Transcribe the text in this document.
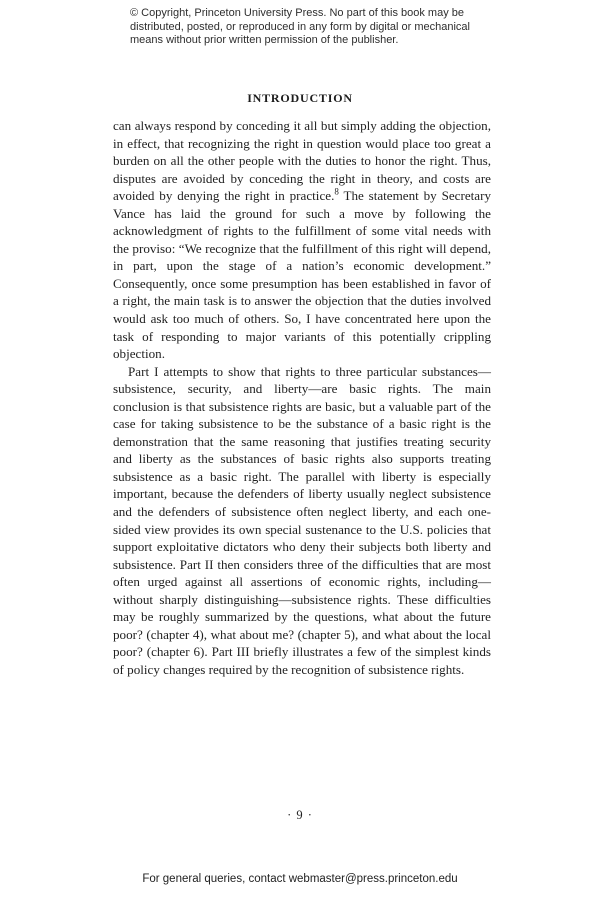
© Copyright, Princeton University Press. No part of this book may be
distributed, posted, or reproduced in any form by digital or mechanical
means without prior written permission of the publisher.
INTRODUCTION

can always respond by conceding it all but simply adding the objection, in effect, that recognizing the right in question would place too great a burden on all the other people with the duties to honor the right. Thus, disputes are avoided by conceding the right in theory, and costs are avoided by denying the right in practice.$^8$ The statement by Secretary Vance has laid the ground for such a move by following the acknowledgment of rights to the fulfillment of some vital needs with the proviso: “We recognize that the fulfillment of this right will depend, in part, upon the stage of a nation’s economic development.” Consequently, once some presumption has been established in favor of a right, the main task is to answer the objection that the duties involved would ask too much of others. So, I have concentrated here upon the task of responding to major variants of this potentially crippling objection.

Part I attempts to show that rights to three particular substances—subsistence, security, and liberty—are basic rights. The main conclusion is that subsistence rights are basic, but a valuable part of the case for taking subsistence to be the substance of a basic right is the demonstration that the same reasoning that justifies treating security and liberty as the substances of basic rights also supports treating subsistence as a basic right. The parallel with liberty is especially important, because the defenders of liberty usually neglect subsistence and the defenders of subsistence often neglect liberty, and each one-sided view provides its own special sustenance to the U.S. policies that support exploitative dictators who deny their subjects both liberty and subsistence. Part II then considers three of the difficulties that are most often urged against all assertions of economic rights, including—without sharply distinguishing—subsistence rights. These difficulties may be roughly summarized by the questions, what about the future poor? (chapter 4), what about me? (chapter 5), and what about the local poor? (chapter 6). Part III briefly illustrates a few of the simplest kinds of policy changes required by the recognition of subsistence rights.

· 9 ·
For general queries, contact webmaster@press.princeton.edu
